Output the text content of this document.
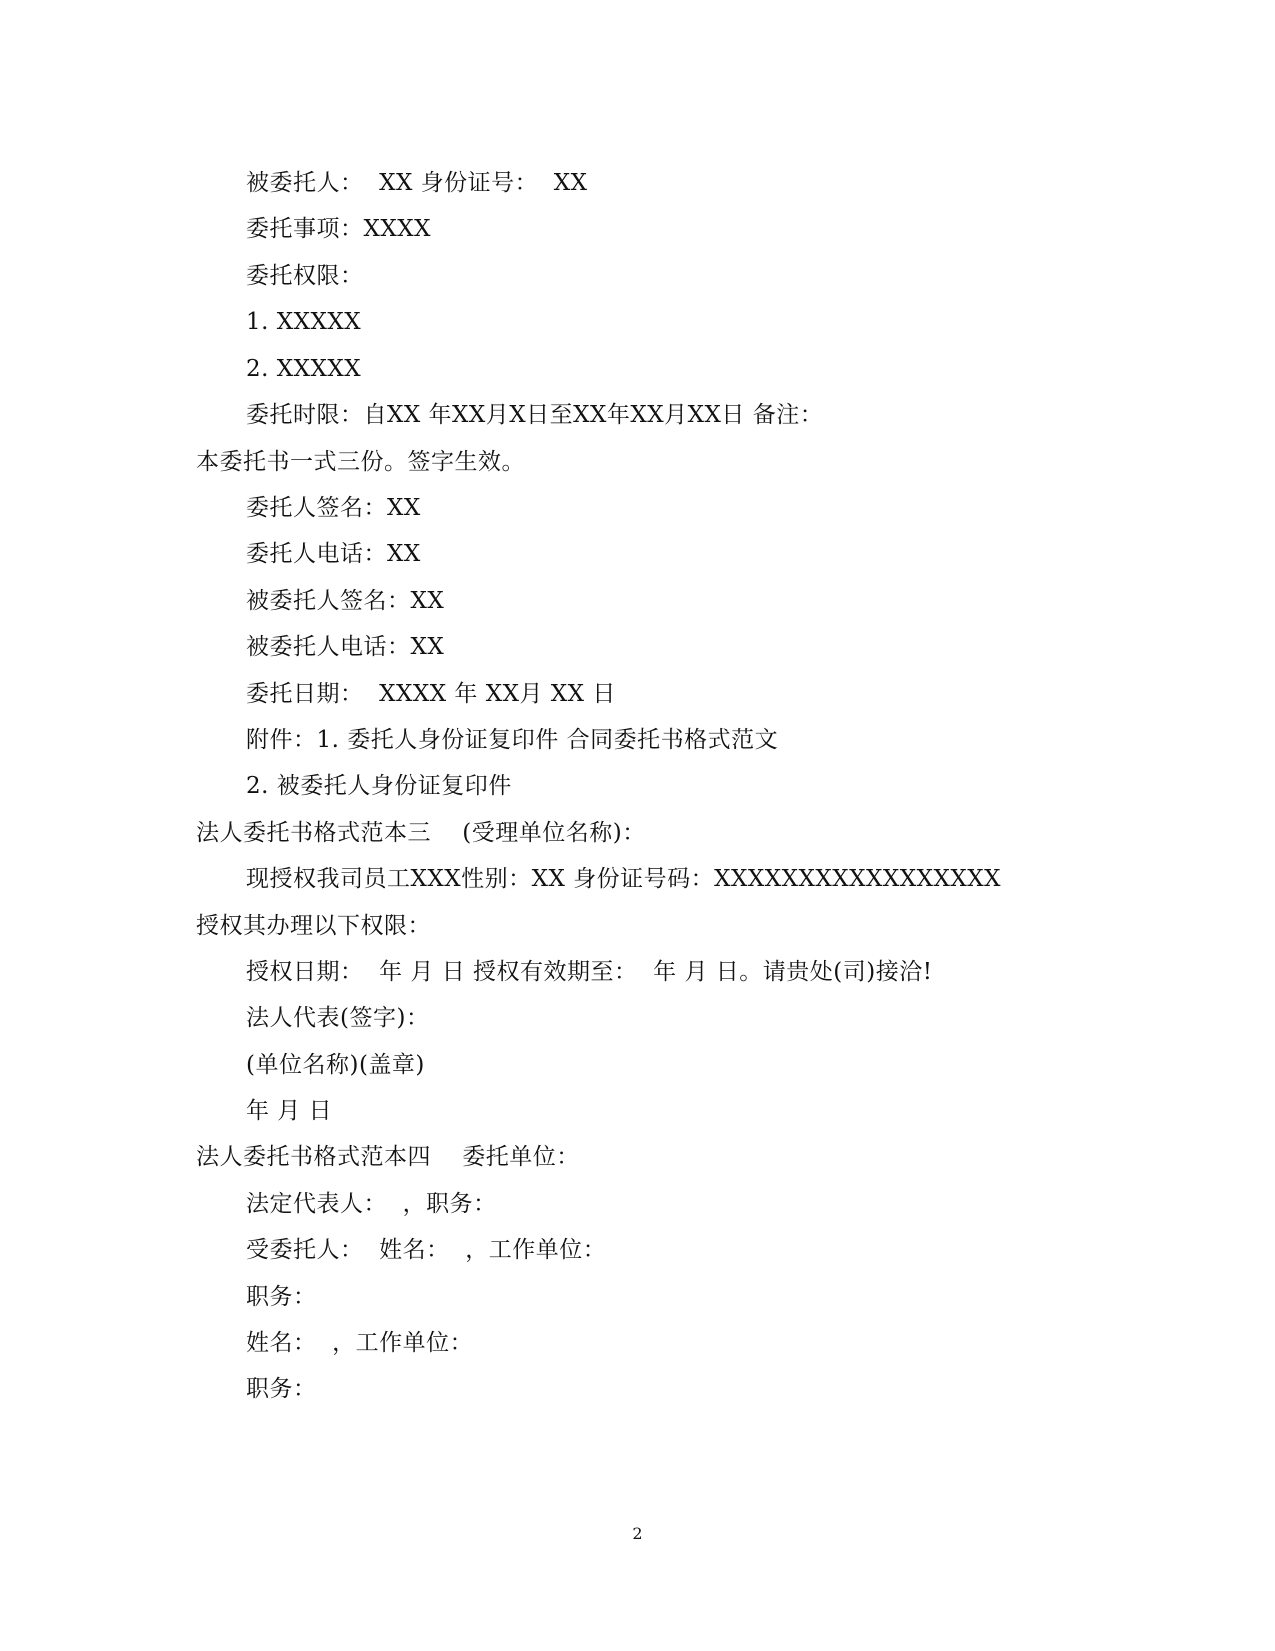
被委托人：  XX 身份证号：  XX
委托事项：XXXX
委托权限：
1. XXXXX
2. XXXXX
委托时限：自XX 年XX月X日至XX年XX月XX日 备注：
本委托书一式三份。签字生效。
委托人签名：XX
委托人电话：XX
被委托人签名：XX
被委托人电话：XX
委托日期：  XXXX 年 XX月 XX 日
附件：1. 委托人身份证复印件 合同委托书格式范文
2. 被委托人身份证复印件
法人委托书格式范本三    (受理单位名称)：
现授权我司员工XXX性别：XX 身份证号码：XXXXXXXXXXXXXXXXX
授权其办理以下权限：
授权日期：  年 月 日 授权有效期至：  年 月 日。请贵处(司)接洽!
法人代表(签字)：
(单位名称)(盖章)
年 月 日
法人委托书格式范本四    委托单位：
法定代表人：  ，职务：
受委托人：  姓名：  ，工作单位：
职务：
姓名：  ，工作单位：
职务：
2
